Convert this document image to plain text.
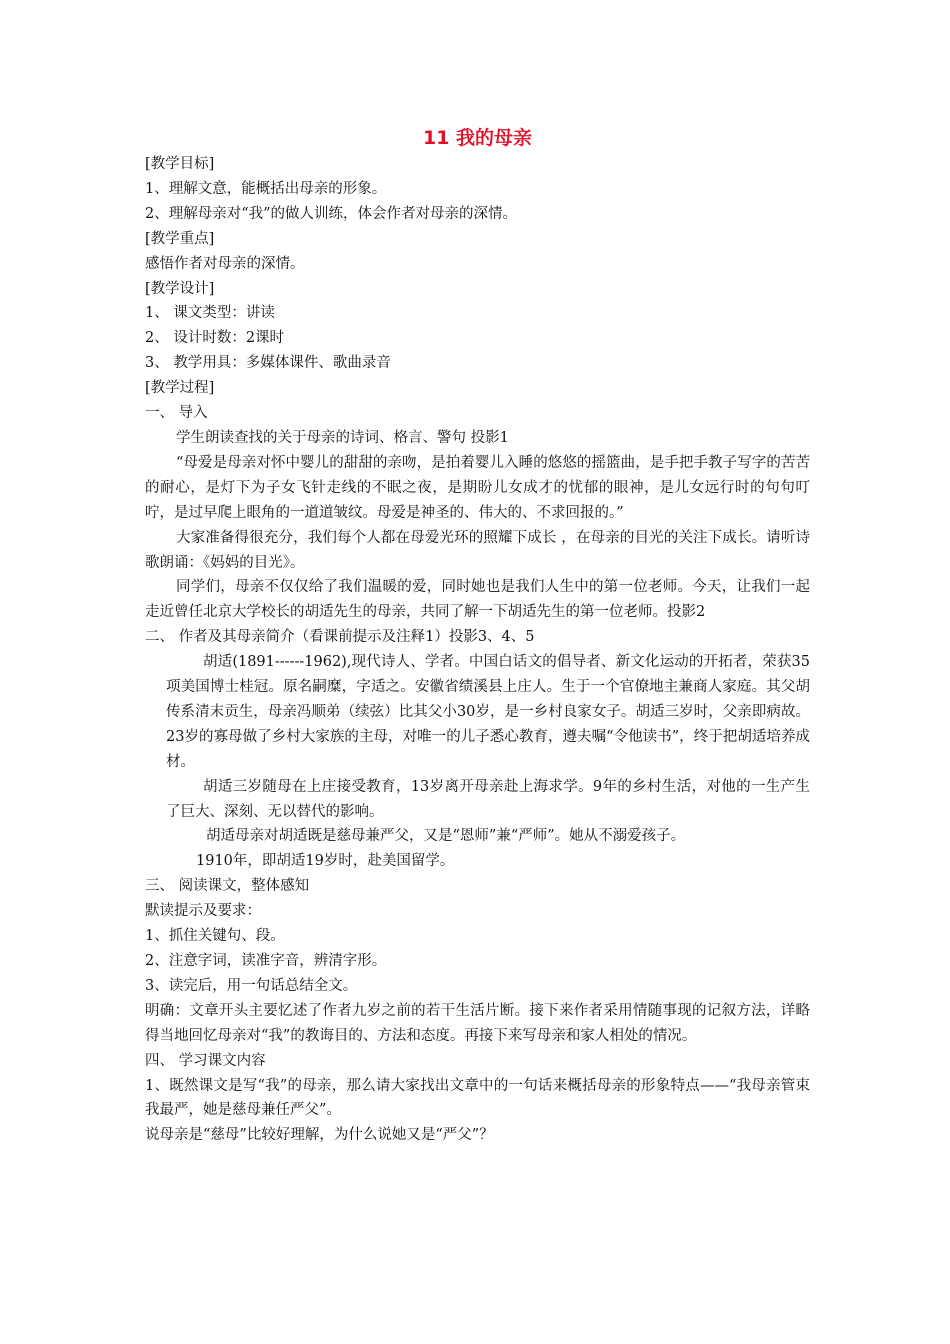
11 我的母亲

[教学目标]

1、理解文意，能概括出母亲的形象。

2、理解母亲对“我”的做人训练，体会作者对母亲的深情。

[教学重点]

感悟作者对母亲的深情。

[教学设计]

1、 课文类型：讲读

2、 设计时数：2课时

3、 教学用具：多媒体课件、歌曲录音

[教学过程]

一、 导入

学生朗读查找的关于母亲的诗词、格言、警句 投影1

“母爱是母亲对怀中婴儿的甜甜的亲吻，是拍着婴儿入睡的悠悠的摇篮曲，是手把手教子写字的苦苦的耐心，是灯下为子女飞针走线的不眠之夜，是期盼儿女成才的忧郁的眼神，是儿女远行时的句句叮咛，是过早爬上眼角的一道道皱纹。母爱是神圣的、伟大的、不求回报的。”

大家准备得很充分，我们每个人都在母爱光环的照耀下成长 ，在母亲的目光的关注下成长。请听诗歌朗诵：《妈妈的目光》。

同学们，母亲不仅仅给了我们温暖的爱，同时她也是我们人生中的第一位老师。今天，让我们一起走近曾任北京大学校长的胡适先生的母亲，共同了解一下胡适先生的第一位老师。投影2

二、 作者及其母亲简介（看课前提示及注释1）投影3、4、5

胡适(1891------1962),现代诗人、学者。中国白话文的倡导者、新文化运动的开拓者，荣获35项美国博士桂冠。原名嗣糜，字适之。安徽省绩溪县上庄人。生于一个官僚地主兼商人家庭。其父胡传系清末贡生，母亲冯顺弟（续弦）比其父小30岁，是一乡村良家女子。胡适三岁时，父亲即病故。23岁的寡母做了乡村大家族的主母，对唯一的儿子悉心教育，遵夫嘱“令他读书”，终于把胡适培养成材。

胡适三岁随母在上庄接受教育，13岁离开母亲赴上海求学。9年的乡村生活，对他的一生产生了巨大、深刻、无以替代的影响。

胡适母亲对胡适既是慈母兼严父，又是“恩师”兼“严师”。她从不溺爱孩子。

1910年，即胡适19岁时，赴美国留学。

三、 阅读课文，整体感知

默读提示及要求：

1、抓住关键句、段。

2、注意字词，读准字音，辨清字形。

3、读完后，用一句话总结全文。

明确：文章开头主要忆述了作者九岁之前的若干生活片断。接下来作者采用情随事现的记叙方法，详略得当地回忆母亲对“我”的教诲目的、方法和态度。再接下来写母亲和家人相处的情况。

四、 学习课文内容

1、既然课文是写“我”的母亲，那么请大家找出文章中的一句话来概括母亲的形象特点——“我母亲管束我最严，她是慈母兼任严父”。

说母亲是“慈母”比较好理解，为什么说她又是“严父”？
